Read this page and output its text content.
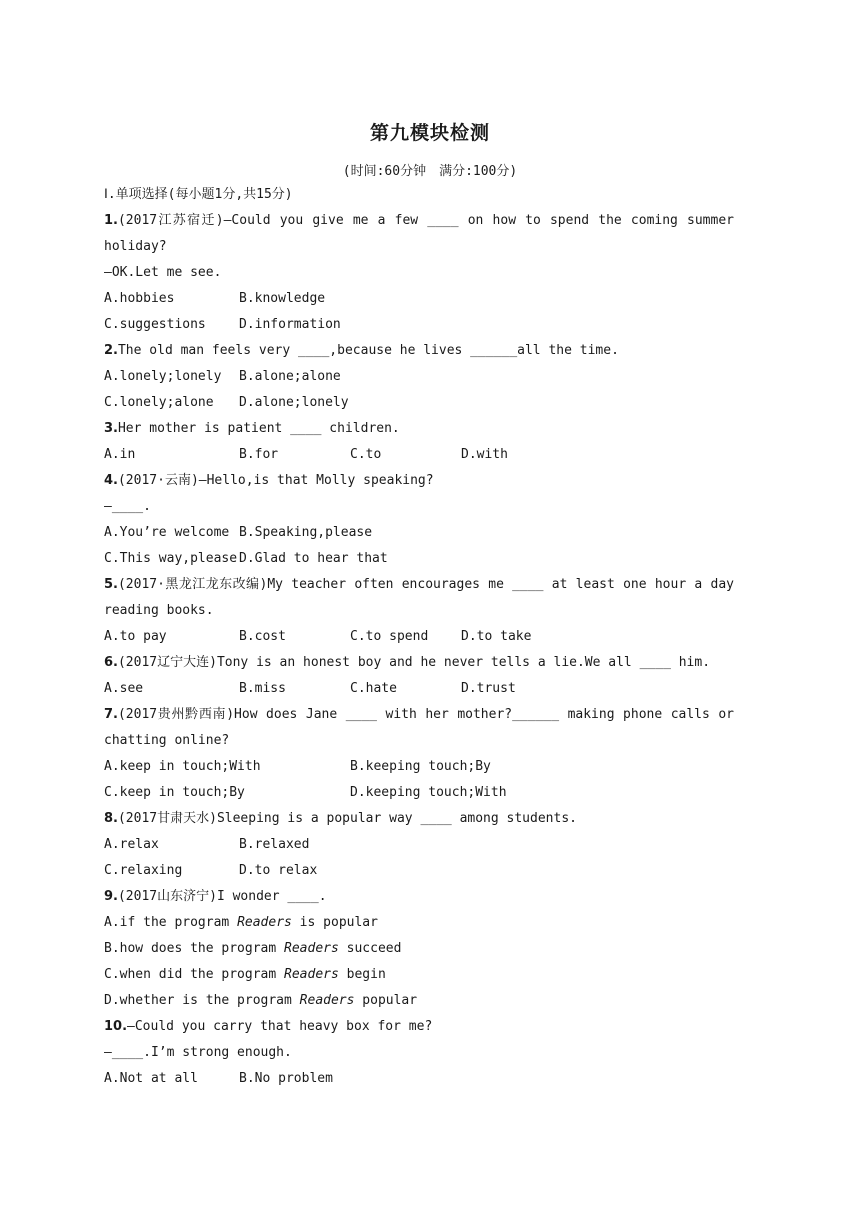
第九模块检测
(时间:60分钟　满分:100分)
Ⅰ.单项选择(每小题1分,共15分)
1.(2017江苏宿迁)—Could you give me a few ____ on how to spend the coming summer
holiday?
—OK.Let me see.
A.hobbies	B.knowledge
C.suggestions	D.information
2.The old man feels very ____,because he lives ______all the time.
A.lonely;lonely B.alone;alone
C.lonely;alone D.alone;lonely
3.Her mother is patient ____ children.
A.in	B.for	C.to	D.with
4.(2017·云南)—Hello,is that Molly speaking?
—____.
A.You’re welcome B.Speaking,please
C.This way,please D.Glad to hear that
5.(2017·黑龙江龙东改编)My teacher often encourages me ____ at least one hour a day
reading books.
A.to pay	B.cost	C.to spend	D.to take
6.(2017辽宁大连)Tony is an honest boy and he never tells a lie.We all ____ him.
A.see	B.miss	C.hate	D.trust
7.(2017贵州黔西南)How does Jane ____ with her mother?______ making phone calls or
chatting online?
A.keep in touch;With	B.keeping touch;By
C.keep in touch;By	D.keeping touch;With
8.(2017甘肃天水)Sleeping is a popular way ____ among students.
A.relax	B.relaxed
C.relaxing	D.to relax
9.(2017山东济宁)I wonder ____.
A.if the program Readers is popular
B.how does the program Readers succeed
C.when did the program Readers begin
D.whether is the program Readers popular
10.—Could you carry that heavy box for me?
—____.I’m strong enough.
A.Not at all	B.No problem
